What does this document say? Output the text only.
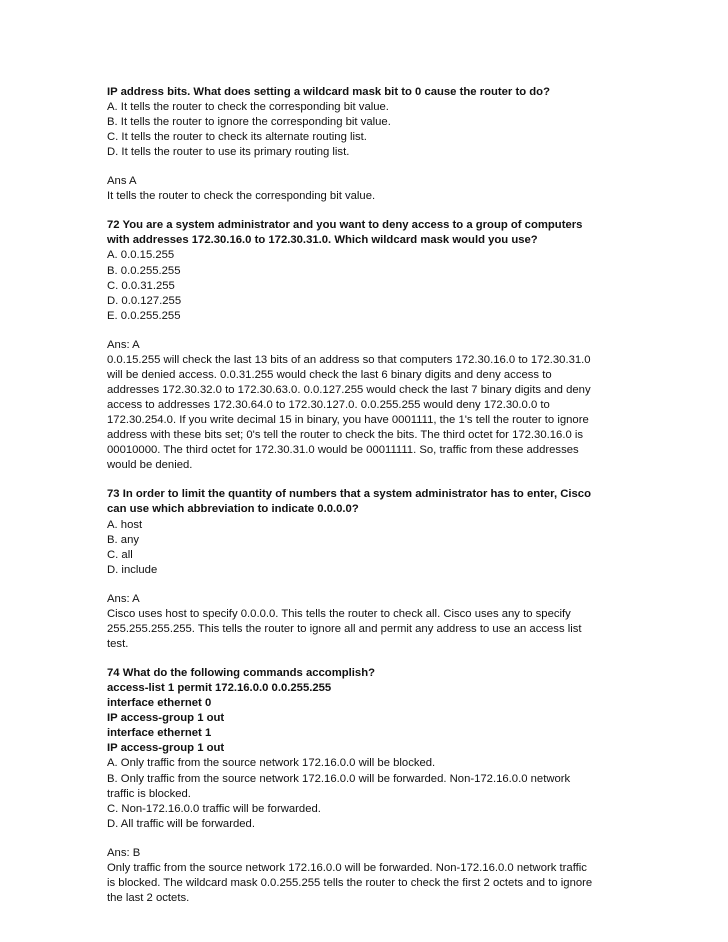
IP address bits. What does setting a wildcard mask bit to 0 cause the router to do?
A. It tells the router to check the corresponding bit value.
B. It tells the router to ignore the corresponding bit value.
C. It tells the router to check its alternate routing list.
D. It tells the router to use its primary routing list.
Ans A
It tells the router to check the corresponding bit value.
72 You are a system administrator and you want to deny access to a group of computers
with addresses 172.30.16.0 to 172.30.31.0. Which wildcard mask would you use?
A. 0.0.15.255
B. 0.0.255.255
C. 0.0.31.255
D. 0.0.127.255
E. 0.0.255.255
Ans: A
0.0.15.255 will check the last 13 bits of an address so that computers 172.30.16.0 to 172.30.31.0
will be denied access. 0.0.31.255 would check the last 6 binary digits and deny access to
addresses 172.30.32.0 to 172.30.63.0. 0.0.127.255 would check the last 7 binary digits and deny
access to addresses 172.30.64.0 to 172.30.127.0. 0.0.255.255 would deny 172.30.0.0 to
172.30.254.0. If you write decimal 15 in binary, you have 0001111, the 1's tell the router to ignore
address with these bits set; 0's tell the router to check the bits. The third octet for 172.30.16.0 is
00010000. The third octet for 172.30.31.0 would be 00011111. So, traffic from these addresses
would be denied.
73 In order to limit the quantity of numbers that a system administrator has to enter, Cisco
can use which abbreviation to indicate 0.0.0.0?
A. host
B. any
C. all
D. include
Ans: A
Cisco uses host to specify 0.0.0.0. This tells the router to check all. Cisco uses any to specify
255.255.255.255. This tells the router to ignore all and permit any address to use an access list
test.
74 What do the following commands accomplish?
access-list 1 permit 172.16.0.0 0.0.255.255
interface ethernet 0
IP access-group 1 out
interface ethernet 1
IP access-group 1 out
A. Only traffic from the source network 172.16.0.0 will be blocked.
B. Only traffic from the source network 172.16.0.0 will be forwarded. Non-172.16.0.0 network
traffic is blocked.
C. Non-172.16.0.0 traffic will be forwarded.
D. All traffic will be forwarded.
Ans: B
Only traffic from the source network 172.16.0.0 will be forwarded. Non-172.16.0.0 network traffic
is blocked. The wildcard mask 0.0.255.255 tells the router to check the first 2 octets and to ignore
the last 2 octets.
